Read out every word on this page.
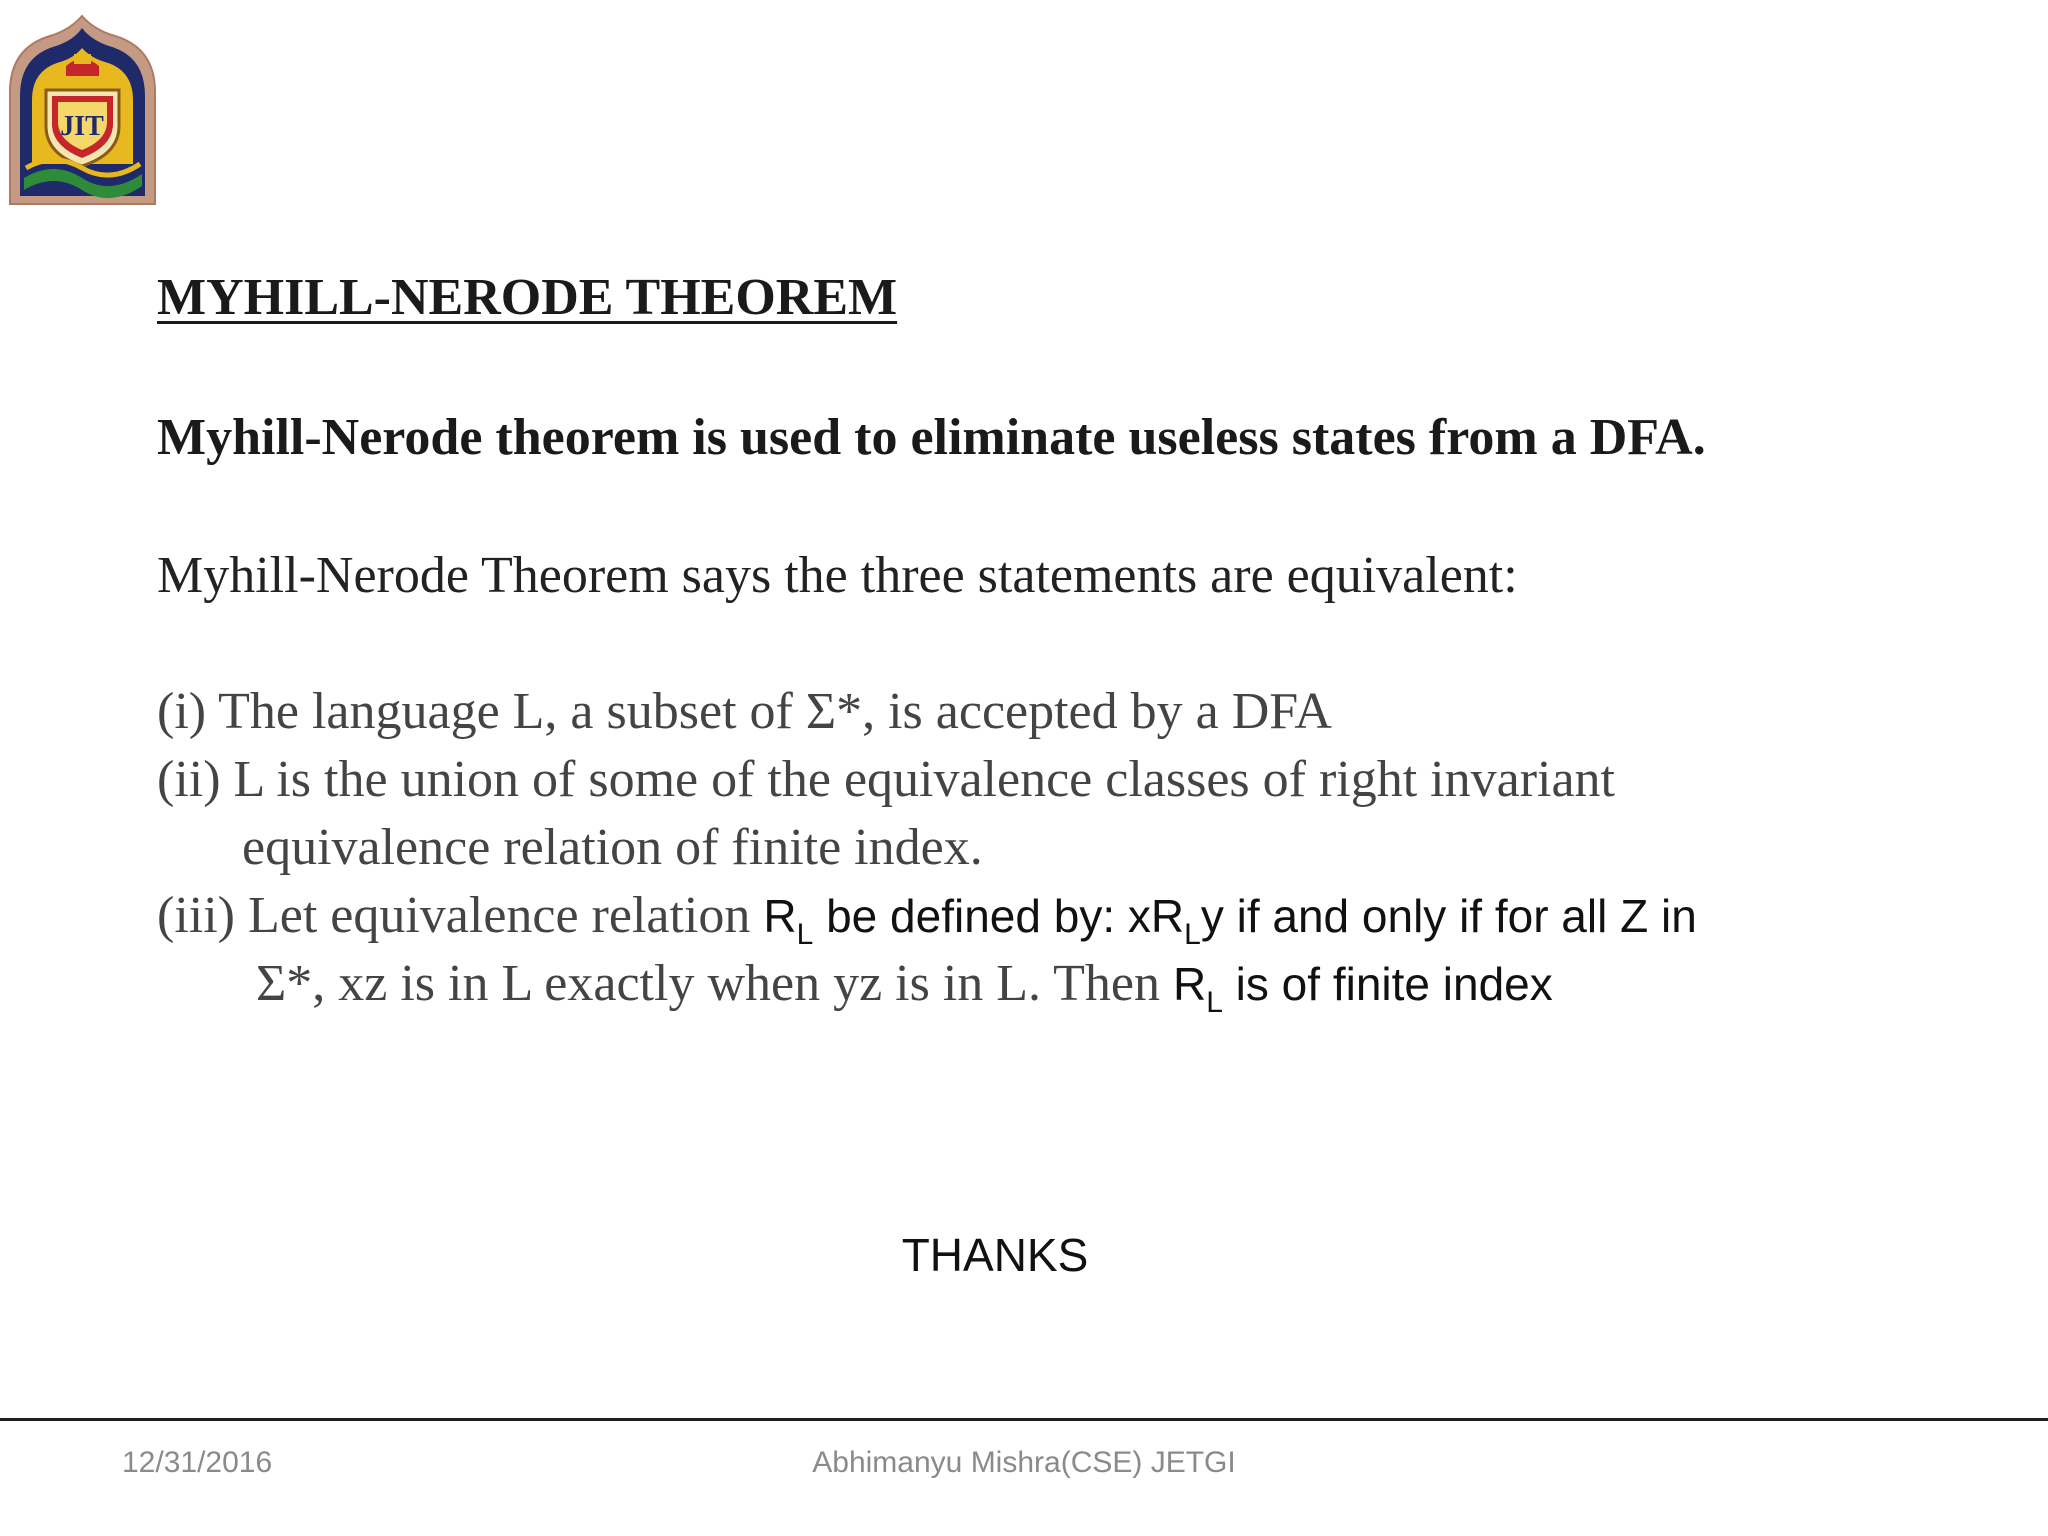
JIT
MYHILL-NERODE THEOREM

Myhill-Nerode theorem is used to eliminate useless states from a DFA.

Myhill-Nerode Theorem says the three statements are equivalent:

(i) The language L, a subset of Σ*, is accepted by a DFA

(ii) L is the union of some of the equivalence classes of right invariant

equivalence relation of finite index.

(iii) Let equivalence relation $R_L$ be defined by: $xR_Ly$ if and only if for all Z in

Σ*, xz is in L exactly when yz is in L. Then $R_L$ is of finite index

THANKS

12/31/2016	Abhimanyu Mishra(CSE) JETGI
